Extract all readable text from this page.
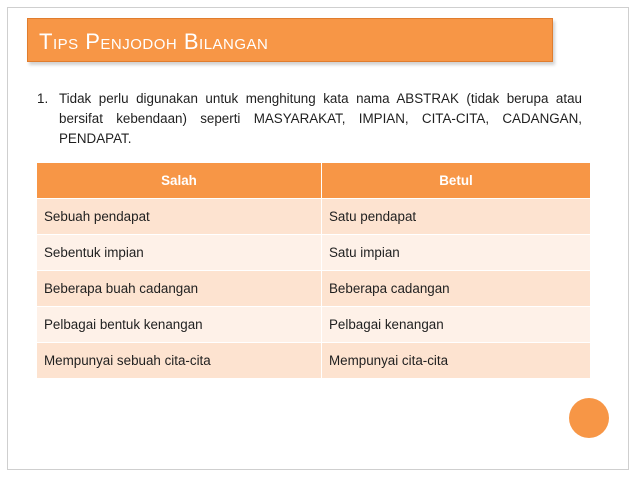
Tips Penjodoh Bilangan
1. Tidak perlu digunakan untuk menghitung kata nama ABSTRAK (tidak berupa atau bersifat kebendaan) seperti MASYARAKAT, IMPIAN, CITA-CITA, CADANGAN, PENDAPAT.
Salah	Betul
Sebuah pendapat	Satu pendapat
Sebentuk impian	Satu impian
Beberapa buah cadangan	Beberapa cadangan
Pelbagai bentuk kenangan	Pelbagai kenangan
Mempunyai sebuah cita-cita	Mempunyai cita-cita
